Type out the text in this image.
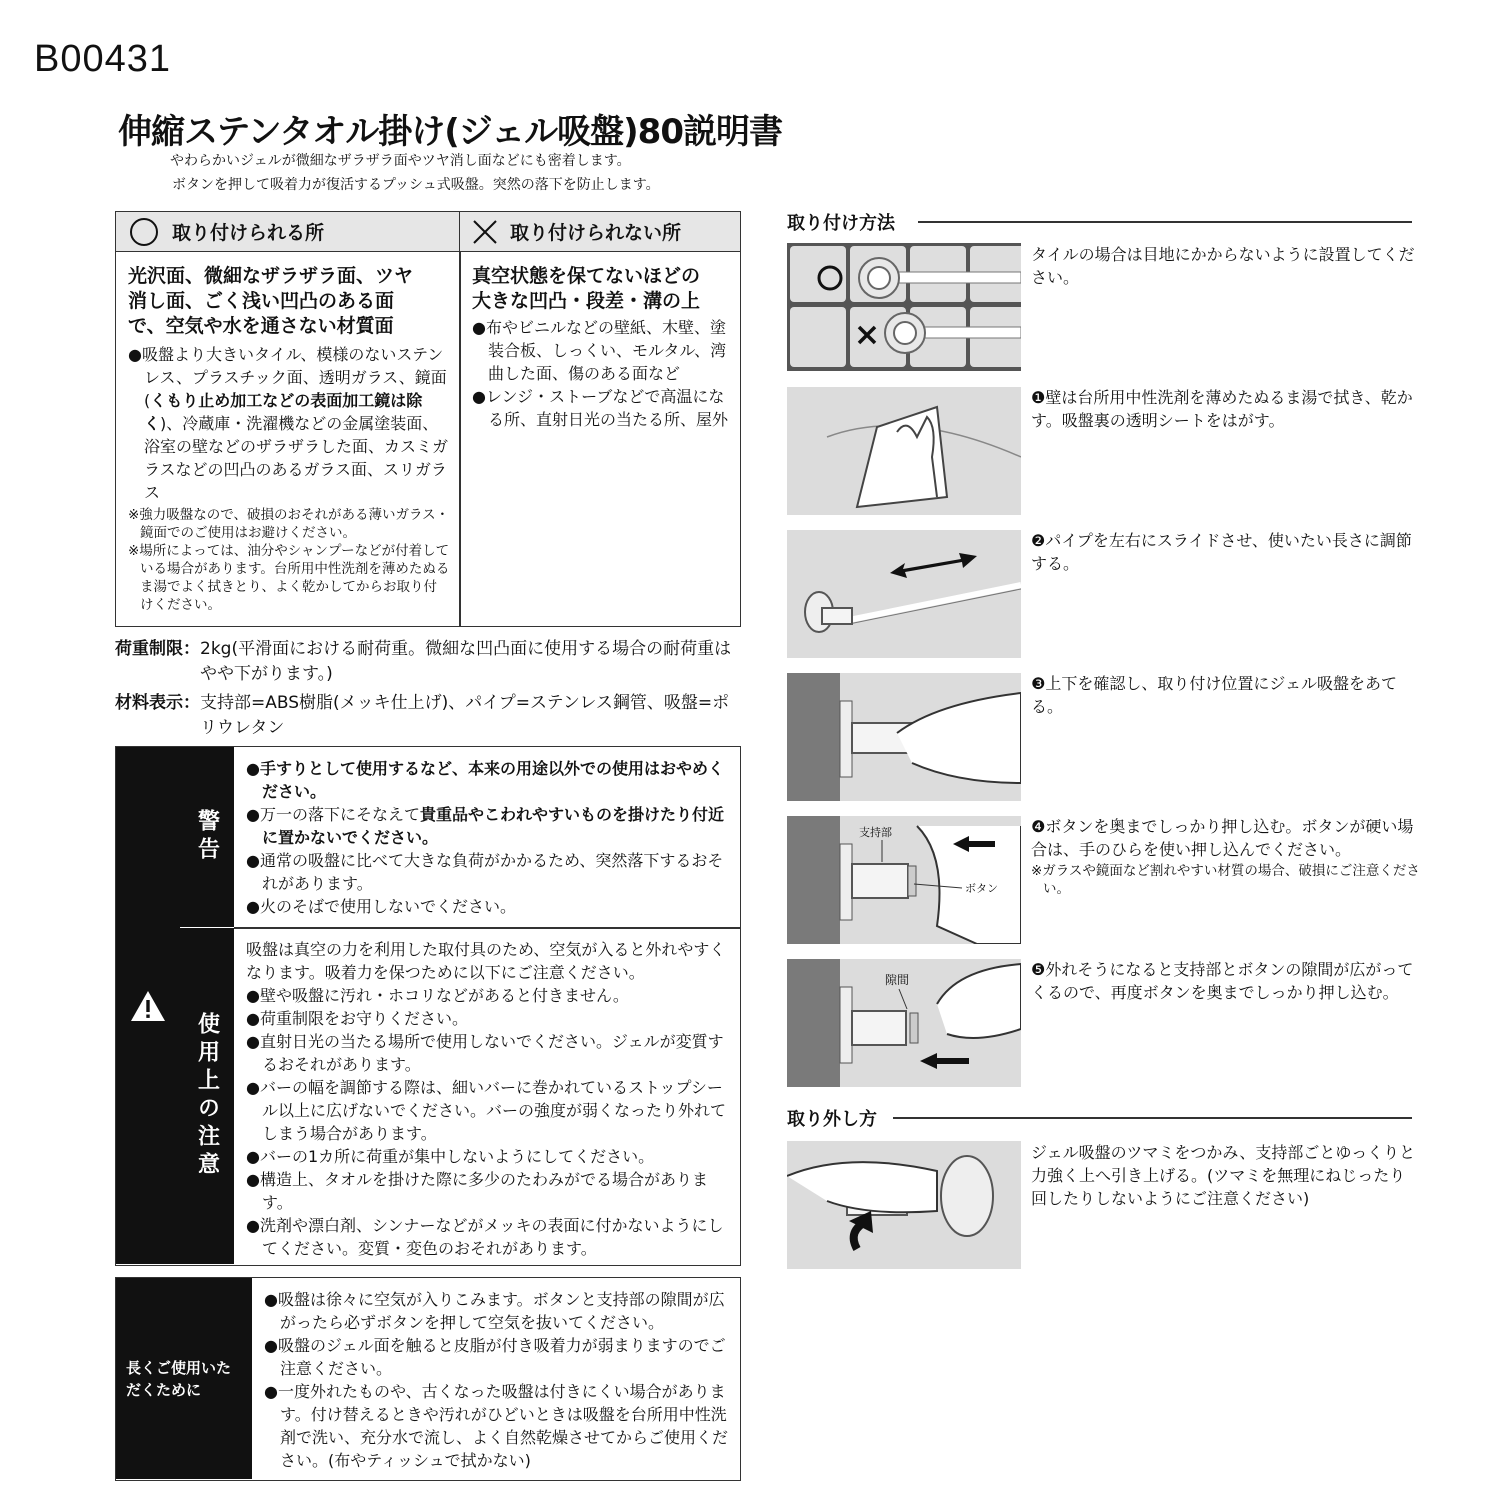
B00431
伸縮ステンタオル掛け(ジェル吸盤)80説明書
やわらかいジェルが微細なザラザラ面やツヤ消し面などにも密着します。
ボタンを押して吸着力が復活するプッシュ式吸盤。突然の落下を防止します。
取り付けられる所	取り付けられない所
光沢面、微細なザラザラ面、ツヤ
消し面、ごく浅い凹凸のある面
で、空気や水を通さない材質面
●吸盤より大きいタイル、模様のないステンレス、プラスチック面、透明ガラス、鏡面(くもり止め加工などの表面加工鏡は除く)、冷蔵庫・洗濯機などの金属塗装面、浴室の壁などのザラザラした面、カスミガラスなどの凹凸のあるガラス面、スリガラス
※強力吸盤なので、破損のおそれがある薄いガラス・鏡面でのご使用はお避けください。
※場所によっては、油分やシャンプーなどが付着している場合があります。台所用中性洗剤を薄めたぬるま湯でよく拭きとり、よく乾かしてからお取り付けください。
真空状態を保てないほどの
大きな凹凸・段差・溝の上
●布やビニルなどの壁紙、木壁、塗装合板、しっくい、モルタル、湾曲した面、傷のある面など
●レンジ・ストーブなどで高温になる所、直射日光の当たる所、屋外
荷重制限： 2kg(平滑面における耐荷重。微細な凹凸面に使用する場合の耐荷重はやや下がります。)
材料表示： 支持部=ABS樹脂(メッキ仕上げ)、パイプ=ステンレス鋼管、吸盤=ポリウレタン
警告
使用上の注意
●手すりとして使用するなど、本来の用途以外での使用はおやめください。
●万一の落下にそなえて貴重品やこわれやすいものを掛けたり付近に置かないでください。
●通常の吸盤に比べて大きな負荷がかかるため、突然落下するおそれがあります。
●火のそばで使用しないでください。
吸盤は真空の力を利用した取付具のため、空気が入ると外れやすくなります。吸着力を保つために以下にご注意ください。
●壁や吸盤に汚れ・ホコリなどがあると付きません。
●荷重制限をお守りください。
●直射日光の当たる場所で使用しないでください。ジェルが変質するおそれがあります。
●バーの幅を調節する際は、細いバーに巻かれているストップシール以上に広げないでください。バーの強度が弱くなったり外れてしまう場合があります。
●バーの1カ所に荷重が集中しないようにしてください。
●構造上、タオルを掛けた際に多少のたわみがでる場合があります。
●洗剤や漂白剤、シンナーなどがメッキの表面に付かないようにしてください。変質・変色のおそれがあります。
長くご使用いただくために
●吸盤は徐々に空気が入りこみます。ボタンと支持部の隙間が広がったら必ずボタンを押して空気を抜いてください。
●吸盤のジェル面を触ると皮脂が付き吸着力が弱まりますのでご注意ください。
●一度外れたものや、古くなった吸盤は付きにくい場合があります。付け替えるときや汚れがひどいときは吸盤を台所用中性洗剤で洗い、充分水で流し、よく自然乾燥させてからご使用ください。(布やティッシュで拭かない)
取り付け方法
タイルの場合は目地にかからないように設置してください。
❶壁は台所用中性洗剤を薄めたぬるま湯で拭き、乾かす。吸盤裏の透明シートをはがす。
❷パイプを左右にスライドさせ、使いたい長さに調節する。
❸上下を確認し、取り付け位置にジェル吸盤をあてる。
支持部
ボタン
❹ボタンを奥までしっかり押し込む。ボタンが硬い場合は、手のひらを使い押し込んでください。
※ガラスや鏡面など割れやすい材質の場合、破損にご注意ください。
隙間
❺外れそうになると支持部とボタンの隙間が広がってくるので、再度ボタンを奥までしっかり押し込む。
取り外し方
ジェル吸盤のツマミをつかみ、支持部ごとゆっくりと力強く上へ引き上げる。(ツマミを無理にねじったり回したりしないようにご注意ください)
